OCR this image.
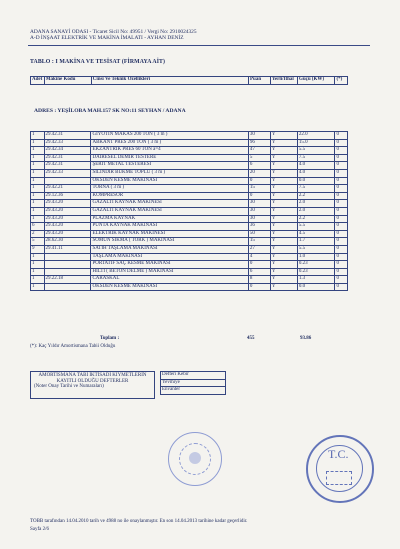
ADANA SANAYİ ODASI - Ticaret Sicil No: 49951 / Vergi No: 2910024325
A-D İNŞAAT ELEKTRİK VE MAKİNA İMALATI - AYHAN DENİZ
TABLO : I MAKİNA VE TESİSAT (FİRMAYA AİT)
Adet	Makine Kodu	Cinsi Ve Teknik Özellikleri	Puan	Yerli/İthal	Güçü (KW)	(*)
ADRES : YEŞİLOBA MAH.157 SK NO:11 SEYHAN / ADANA
1	29.42.31	GİYOTİN MAKAS 200 TON ( 3 m )	30	Y	22.0	0
1	29.42.33	ABKANT PRES 200 TON ( 3 m )	96	Y	15.0	0
1	29.42.34	EKZANTRİK PRES 60 TON a=4	47	Y	5.5	0
1	29.42.31	DAİRESEL DEMİR TESTERE	5	Y	7.5	0
1	29.42.31	ŞERİT METAL TESTERESİ	6	Y	4.0	0
1	29.42.33	SİLİNDİR BÜKME TOPLU ( 3 m )	20	Y	4.0	0
1		OKSİJEN KESME MAKİNASI	0	Y	0.0	0
1	29.42.21	TORNA ( 3 m )	15	Y	7.5	0
1	29.12.36	KOMPRESÖR	0	Y	2.2	0
1	29.43.20	GAZALTI KAYNAK MAKİNESİ	30	Y	2.0	0
1	29.43.20	GAZALTI KAYNAK MAKİNESİ	30	Y	2.0	0
1	29.43.20	PLAZMA KAYNAK	30	Y	2.2	0
6	29.43.20	PUNTA KAYNAK MAKİNASI	36	Y	5.5	0
2	29.43.20	ELEKTRİK KAYNAK MAKİNESİ	50	Y	4.5	0
5	28.62.30	SOMUN SIKMA ( TORK ) MAKİNASI	15	Y	1.7	0
9	29.41.11	SATIH TAŞLAMA MAKİNASI	27	Y	5.5	0
1		TAŞLAMA MAKİNASI	4	Y	1.0	0
1		PORTATİF SAÇ KESME MAKİNASI	0	Y	0.23	0
1		HİLTİ ( BETON DELME ) MAKİNASI	6	Y	0.23	0
1	29.22.18	CARASKAL	8	Y	1.3	0
1		OKSİJEN KESME MAKİNASI	0	Y	0.0	0
Toplam :	455	93.86
(*): Kaç Yıldır Amortismana Tabii Olduğu
AMORTİSMANA TABİ İKTİSADİ KIYMETLERİN KAYITLI OLDUĞU DEFTERLER
(Noter Onay Tarihi ve Numaraları)
Defteri Kebir
Yevmiye
Envanter
T.C.
TOBB tarafından 14.04.2010 tarih ve 4988 no ile onaylanmıştır. En son 14.04.2013 tarihine kadar geçerlidir.
Sayfa 2/6
